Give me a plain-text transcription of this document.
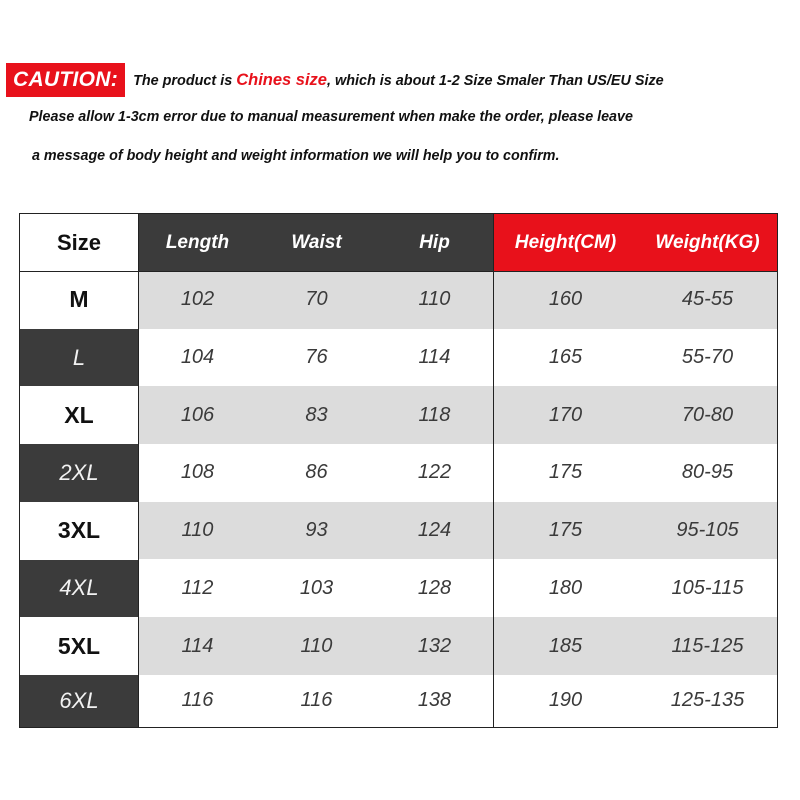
CAUTION:	The product is Chines size, which is about 1-2 Size Smaler Than US/EU Size
Please allow 1-3cm error due to manual measurement when make the order, please leave
a message of body height and weight information we will help you to confirm.
Size	Length	Waist	Hip	Height(CM)	Weight(KG)
M	102	70	110	160	45-55
L	104	76	114	165	55-70
XL	106	83	118	170	70-80
2XL	108	86	122	175	80-95
3XL	110	93	124	175	95-105
4XL	112	103	128	180	105-115
5XL	114	110	132	185	115-125
6XL	116	116	138	190	125-135
